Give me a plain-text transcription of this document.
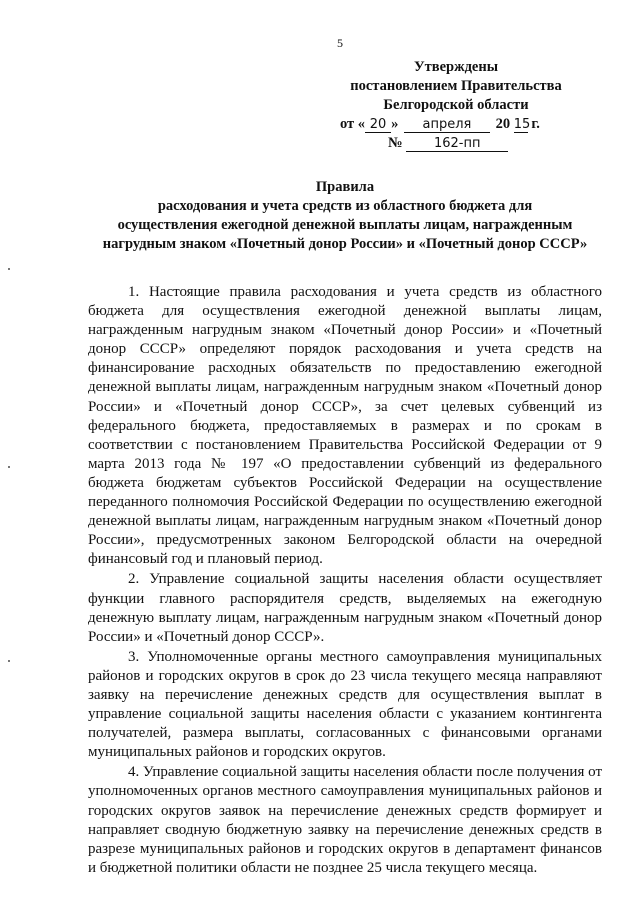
5
Утверждены
постановлением Правительства
Белгородской области
от « 20 » апреля 20 15 г.
№ 162-пп
Правила
расходования и учета средств из областного бюджета для
осуществления ежегодной денежной выплаты лицам, награжденным
нагрудным знаком «Почетный донор России» и «Почетный донор СССР»

1. Настоящие правила расходования и учета средств из областного бюджета для осуществления ежегодной денежной выплаты лицам, награжденным нагрудным знаком «Почетный донор России» и «Почетный донор СССР» определяют порядок расходования и учета средств на финансирование расходных обязательств по предоставлению ежегодной денежной выплаты лицам, награжденным нагрудным знаком «Почетный донор России» и «Почетный донор СССР», за счет целевых субвенций из федерального бюджета, предоставляемых в размерах и по срокам в соответствии с постановлением Правительства Российской Федерации от 9 марта 2013 года № 197 «О предоставлении субвенций из федерального бюджета бюджетам субъектов Российской Федерации на осуществление переданного полномочия Российской Федерации по осуществлению ежегодной денежной выплаты лицам, награжденным нагрудным знаком «Почетный донор России», предусмотренных законом Белгородской области на очередной финансовый год и плановый период.

2. Управление социальной защиты населения области осуществляет функции главного распорядителя средств, выделяемых на ежегодную денежную выплату лицам, награжденным нагрудным знаком «Почетный донор России» и «Почетный донор СССР».

3. Уполномоченные органы местного самоуправления муниципальных районов и городских округов в срок до 23 числа текущего месяца направляют заявку на перечисление денежных средств для осуществления выплат в управление социальной защиты населения области с указанием контингента получателей, размера выплаты, согласованных с финансовыми органами муниципальных районов и городских округов.

4. Управление социальной защиты населения области после получения от уполномоченных органов местного самоуправления муниципальных районов и городских округов заявок на перечисление денежных средств формирует и направляет сводную бюджетную заявку на перечисление денежных средств в разрезе муниципальных районов и городских округов в департамент финансов и бюджетной политики области не позднее 25 числа текущего месяца.
